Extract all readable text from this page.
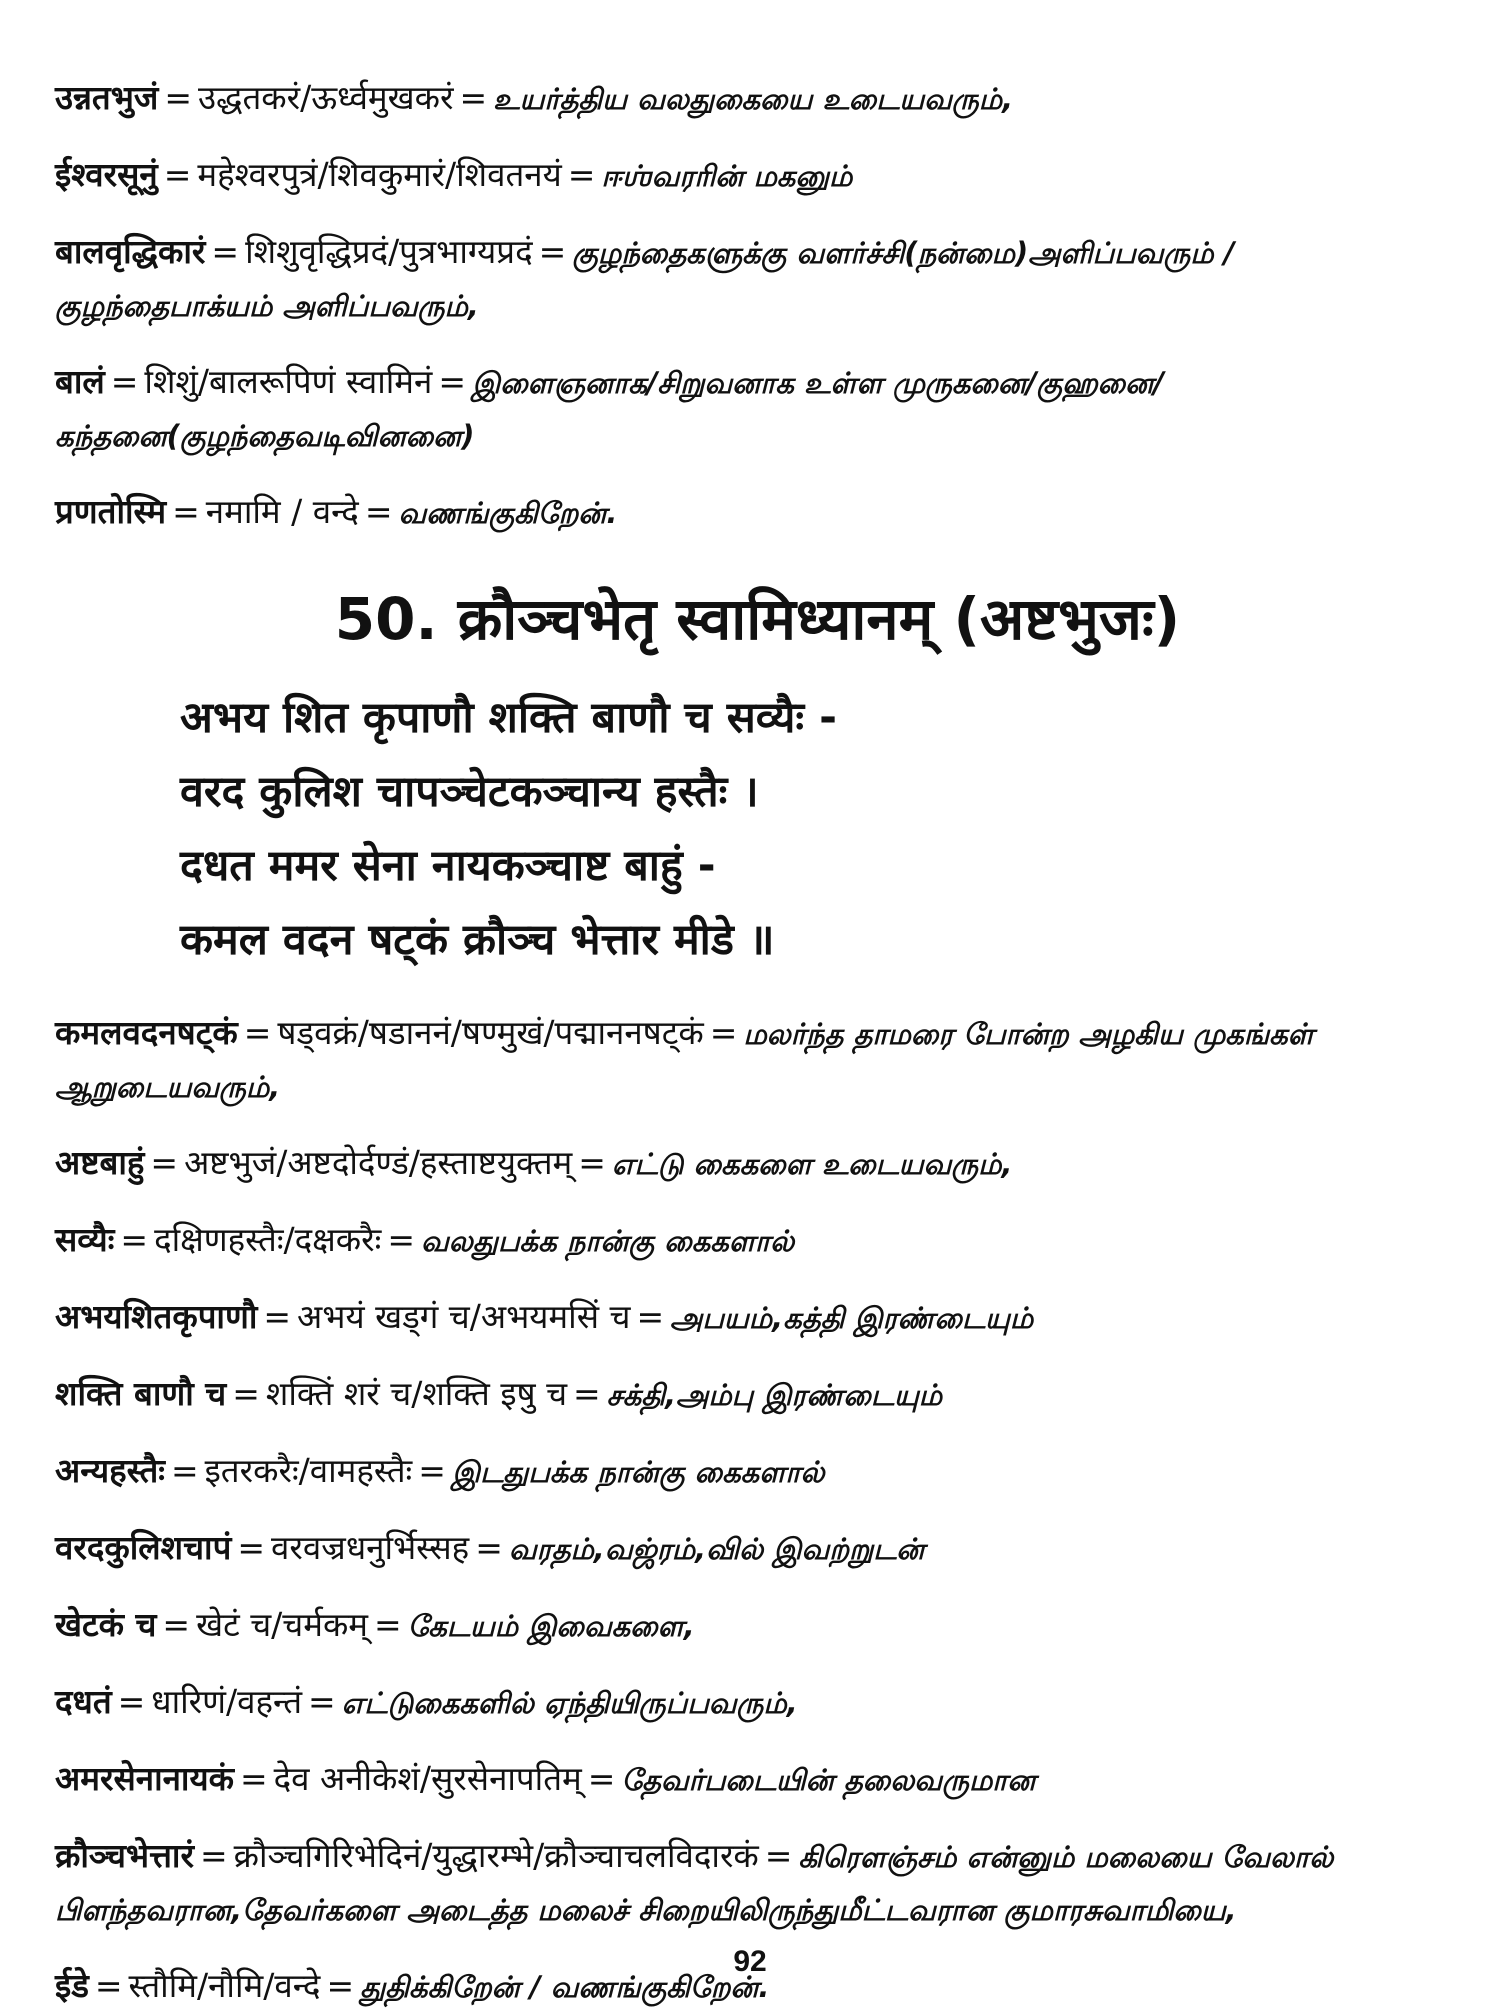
उन्नतभुजं = उद्धतकरं/ऊर्ध्वमुखकरं = உயர்த்திய வலதுகையை உடையவரும்,
ईश्वरसूनुं = महेश्वरपुत्रं/शिवकुमारं/शिवतनयं = ஈஶ்வரரின் மகனும்
बालवृद्धिकारं = शिशुवृद्धिप्रदं/पुत्रभाग्यप्रदं = குழந்தைகளுக்கு வளர்ச்சி(நன்மை)அளிப்பவரும் / குழந்தைபாக்யம் அளிப்பவரும்,
बालं = शिशुं/बालरूपिणं स्वामिनं = இளைஞனாக/சிறுவனாக உள்ள முருகனை/குஹனை/கந்தனை(குழந்தைவடிவினனை)
प्रणतोस्मि = नमामि / वन्दे = வணங்குகிறேன்.
50. क्रौञ्चभेतृ स्वामिध्यानम् (अष्टभुजः)
अभय शित कृपाणौ शक्ति बाणौ च सव्यैः -
वरद कुलिश चापञ्चेटकञ्चान्य हस्तैः ।
दधत ममर सेना नायकञ्चाष्ट बाहुं -
कमल वदन षट्कं क्रौञ्च भेत्तार मीडे ॥
कमलवदनषट्कं = षड्वक्रं/षडाननं/षण्मुखं/पद्माननषट्कं = மலர்ந்த தாமரை போன்ற அழகிய முகங்கள் ஆறுடையவரும்,
अष्टबाहुं = अष्टभुजं/अष्टदोर्दण्डं/हस्ताष्टयुक्तम् = எட்டு கைகளை உடையவரும்,
सव्यैः = दक्षिणहस्तैः/दक्षकरैः = வலதுபக்க நான்கு கைகளால்
अभयशितकृपाणौ = अभयं खड्गं च/अभयमसिं च = அபயம்,கத்தி இரண்டையும்
शक्ति बाणौ च = शक्तिं शरं च/शक्ति इषु च = சக்தி,அம்பு இரண்டையும்
अन्यहस्तैः = इतरकरैः/वामहस्तैः = இடதுபக்க நான்கு கைகளால்
वरदकुलिशचापं = वरवज्रधनुर्भिस्सह = வரதம்,வஜ்ரம்,வில் இவற்றுடன்
खेटकं च = खेटं च/चर्मकम् = கேடயம் இவைகளை,
दधतं = धारिणं/वहन्तं = எட்டுகைகளில் ஏந்தியிருப்பவரும்,
अमरसेनानायकं = देव अनीकेशं/सुरसेनापतिम् = தேவர்படையின் தலைவருமான
क्रौञ्चभेत्तारं = क्रौञ्चगिरिभेदिनं/युद्धारम्भे/क्रौञ्चाचलविदारकं = கிரௌஞ்சம் என்னும் மலையை வேலால் பிளந்தவரான,தேவர்களை அடைத்த மலைச் சிறையிலிருந்துமீட்டவரான குமாரசுவாமியை,
ईडे = स्तौमि/नौमि/वन्दे = துதிக்கிறேன் / வணங்குகிறேன்.
92
